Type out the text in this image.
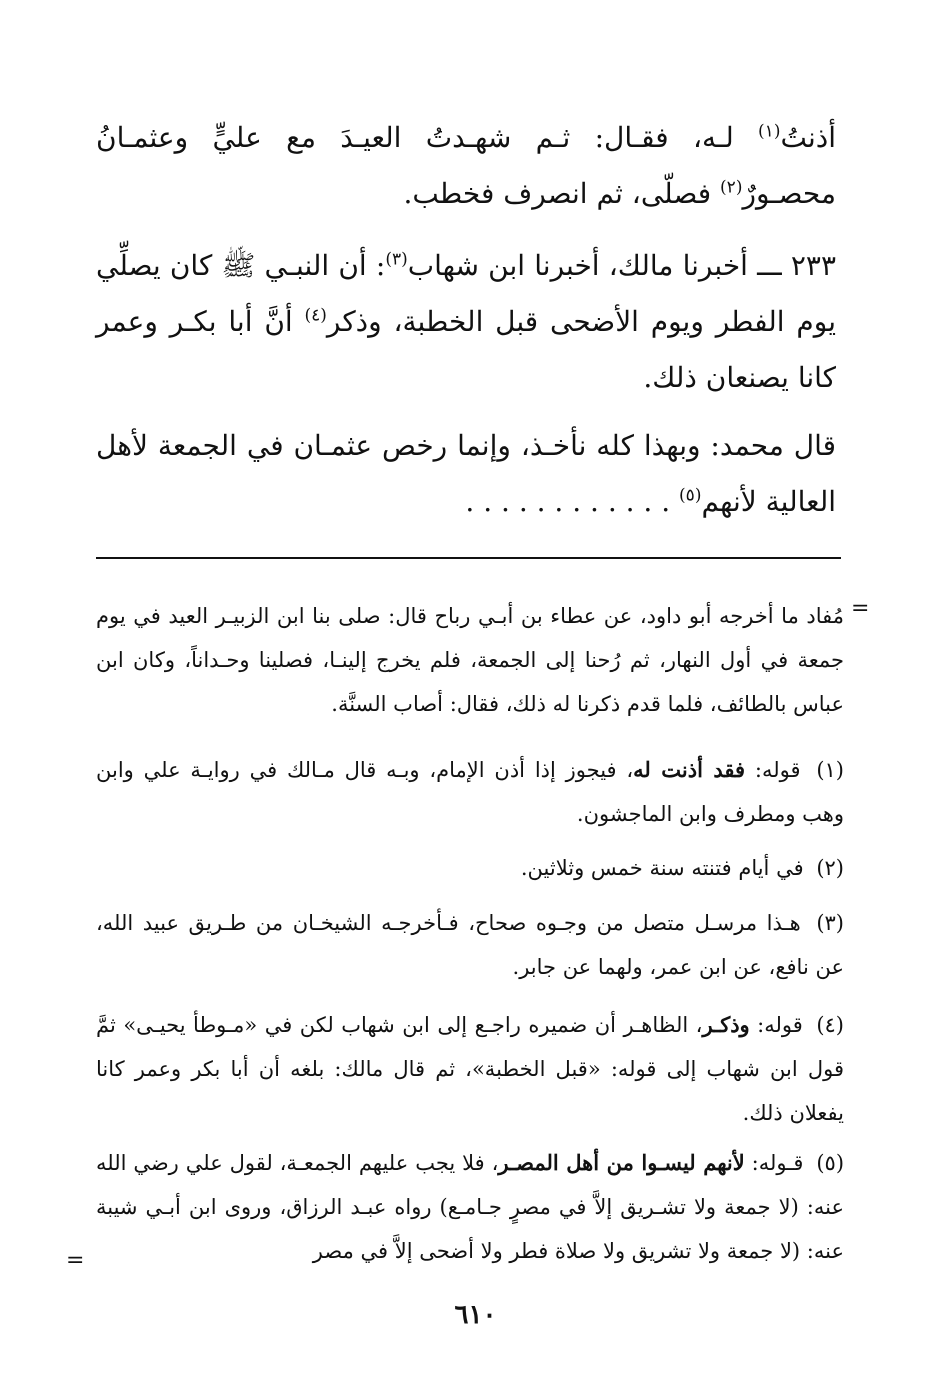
أذنتُ$^{(١)}$ لـه، فقـال: ثـم شهـدتُ العيـدَ مع عليٍّ وعثمـانُ محصـورٌ$^{(٢)}$ فصلّى، ثم انصرف فخطب.

٢٣٣ ـــ أخبرنا مالك، أخبرنا ابن شهاب$^{(٣)}$: أن النبـي ﷺ كان يصلِّي يوم الفطر ويوم الأضحى قبل الخطبة، وذكر$^{(٤)}$ أنَّ أبا بكـر وعمر كانا يصنعان ذلك.

قال محمد: وبهذا كله نأخـذ، وإنما رخص عثمـان في الجمعة لأهل العالية لأنهم$^{(٥)}$ . . . . . . . . . . . .

=

مُفاد ما أخرجه أبو داود، عن عطاء بن أبـي رباح قال: صلى بنا ابن الزبيـر العيد في يوم جمعة في أول النهار، ثم رُحنا إلى الجمعة، فلم يخرج إلينـا، فصلينا وحـداناً، وكان ابن عباس بالطائف، فلما قدم ذكرنا له ذلك، فقال: أصاب السنَّة.

(١) قوله: فقد أذنت له، فيجوز إذا أذن الإمام، وبـه قال مـالك في روايـة علي وابن وهب ومطرف وابن الماجشون.

(٢) في أيام فتنته سنة خمس وثلاثين.

(٣) هـذا مرسـل متصل من وجـوه صحاح، فـأخرجـه الشيخـان من طـريق عبيد الله، عن نافع، عن ابن عمر، ولهما عن جابر.

(٤) قوله: وذكـر، الظاهـر أن ضميره راجـع إلى ابن شهاب لكن في «مـوطأ يحيـى» ثمَّ قول ابن شهاب إلى قوله: «قبل الخطبة»، ثم قال مالك: بلغه أن أبا بكر وعمر كانا يفعلان ذلك.

(٥) قـوله: لأنهم ليسـوا من أهل المصـر، فلا يجب عليهم الجمعـة، لقول علي رضي الله عنه: (لا جمعة ولا تشـريق إلاَّ في مصرٍ جـامـع) رواه عبـد الرزاق، وروى ابن أبـي شيبة عنه: (لا جمعة ولا تشريق ولا صلاة فطر ولا أضحى إلاَّ في مصر

=
٦١٠
